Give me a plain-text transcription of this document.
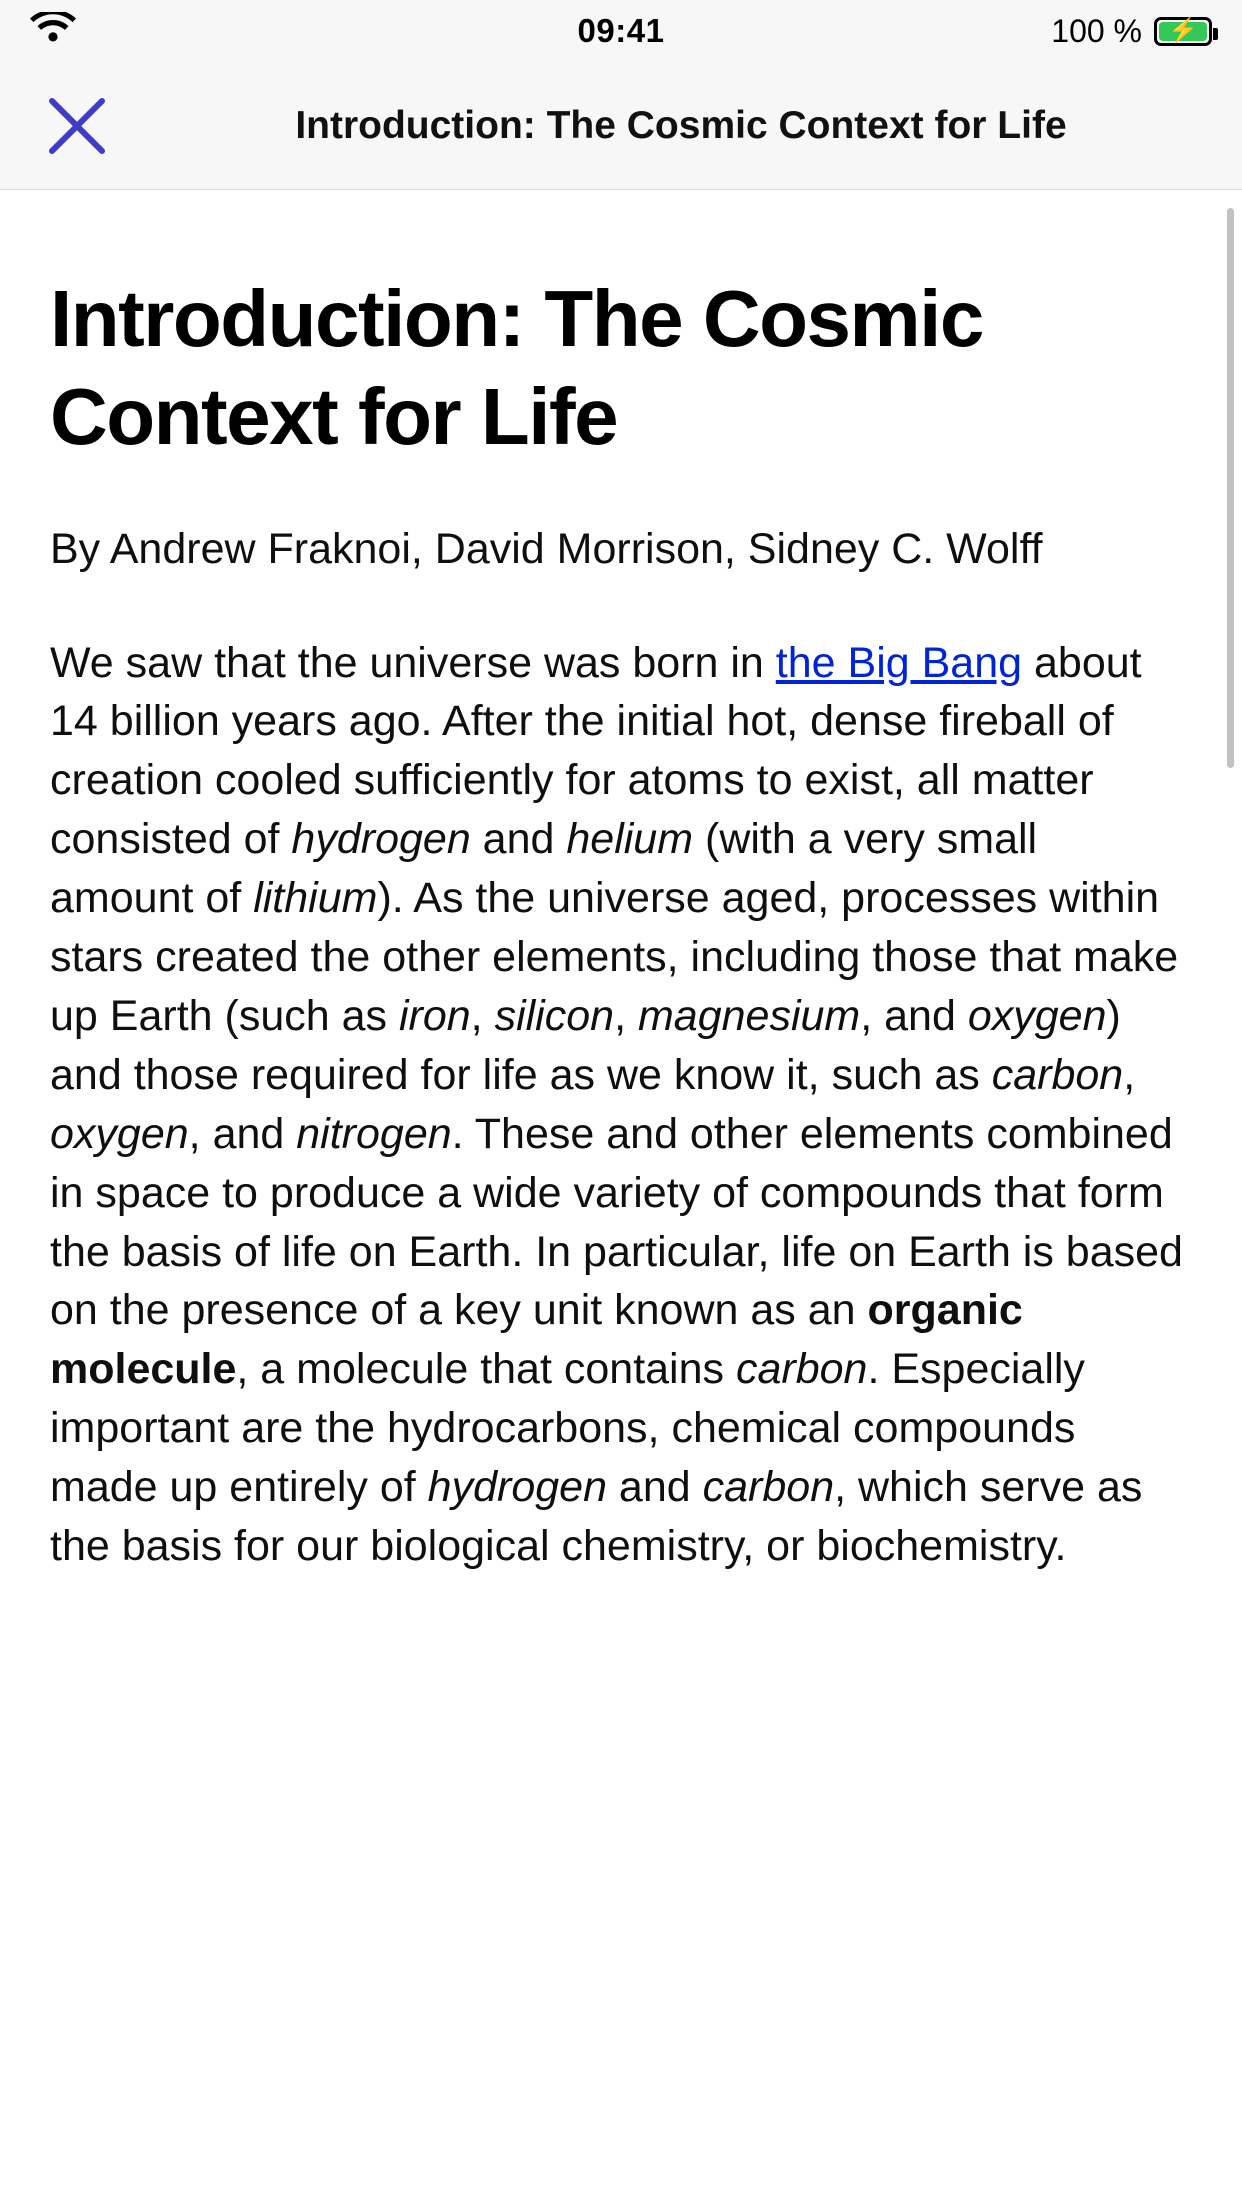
09:41	100 %	⚡
Introduction: The Cosmic Context for Life
Introduction: The Cosmic Context for Life

By Andrew Fraknoi, David Morrison, Sidney C. Wolff

We saw that the universe was born in the Big Bang about 14 billion years ago. After the initial hot, dense fireball of creation cooled sufficiently for atoms to exist, all matter consisted of hydrogen and helium (with a very small amount of lithium). As the universe aged, processes within stars created the other elements, including those that make up Earth (such as iron, silicon, magnesium, and oxygen) and those required for life as we know it, such as carbon, oxygen, and nitrogen. These and other elements combined in space to produce a wide variety of compounds that form the basis of life on Earth. In particular, life on Earth is based on the presence of a key unit known as an organic molecule, a molecule that contains carbon. Especially important are the hydrocarbons, chemical compounds made up entirely of hydrogen and carbon, which serve as the basis for our biological chemistry, or biochemistry.
